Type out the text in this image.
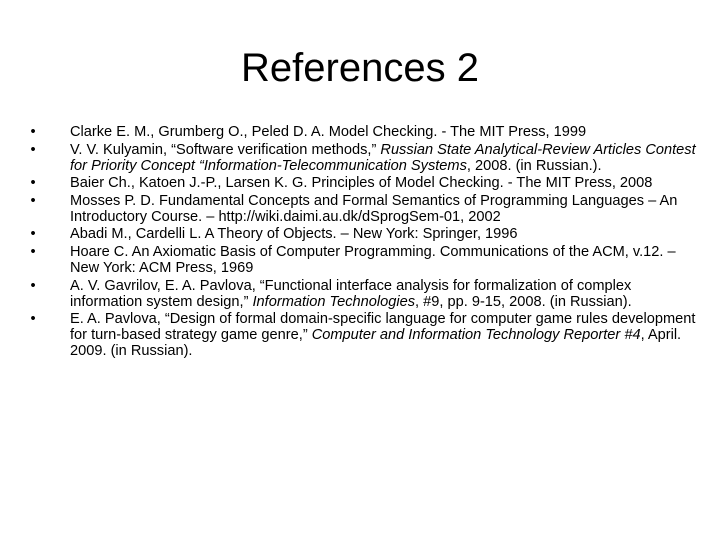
References 2
• Clarke E. M., Grumberg O., Peled D. A. Model Checking. - The MIT Press, 1999
• V. V. Kulyamin, “Software verification methods,” Russian State Analytical-Review Articles Contest for Priority Concept “Information-Telecommunication Systems, 2008. (in Russian.).
• Baier Ch., Katoen J.-P., Larsen K. G. Principles of Model Checking. - The MIT Press, 2008
• Mosses P. D. Fundamental Concepts and Formal Semantics of Programming Languages – An Introductory Course. – http://wiki.daimi.au.dk/dSprogSem-01, 2002
• Abadi M., Cardelli L. A Theory of Objects. – New York: Springer, 1996
• Hoare C. An Axiomatic Basis of Computer Programming. Communications of the ACM, v.12. – New York: ACM Press, 1969
• A. V. Gavrilov, E. A. Pavlova, “Functional interface analysis for formalization of complex information system design,” Information Technologies, #9, pp. 9-15, 2008. (in Russian).
• E. A. Pavlova, “Design of formal domain-specific language for computer game rules development for turn-based strategy game genre,” Computer and Information Technology Reporter #4, April. 2009. (in Russian).
